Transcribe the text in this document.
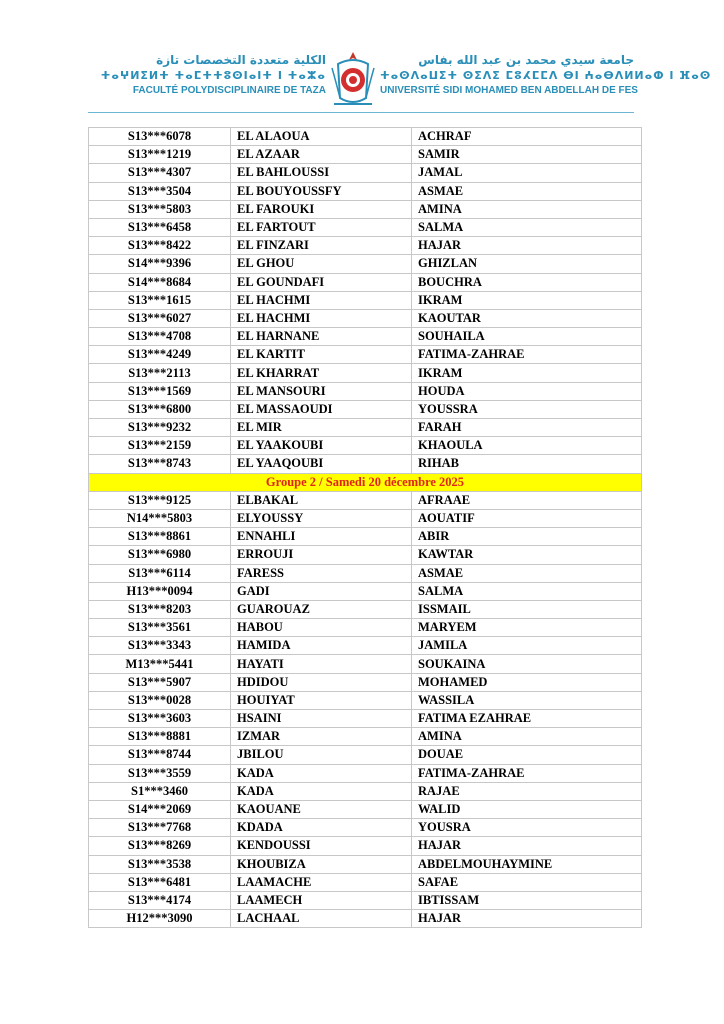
الكلية متعددة التخصصات تازة
ⵜⴰⵖⵍⵉⵍⵜ ⵜⴰⵎⵜⵜⵓⵙⵏⴰⵏⵜ ⵏ ⵜⴰⵣⴰ
FACULTÉ POLYDISCIPLINAIRE DE TAZA
جامعة سيدي محمد بن عبد الله بفاس
ⵜⴰⵙⴷⴰⵡⵉⵜ ⵙⵉⴷⵉ ⵎⵓⵃⵎⵎⴷ ⴱⵏ ⵄⴰⴱⴷⵍⵍⴰⵀ ⵏ ⴼⴰⵙ
UNIVERSITÉ SIDI MOHAMED BEN ABDELLAH DE FES
S13***6078	EL ALAOUA	ACHRAF
S13***1219	EL AZAAR	SAMIR
S13***4307	EL BAHLOUSSI	JAMAL
S13***3504	EL BOUYOUSSFY	ASMAE
S13***5803	EL FAROUKI	AMINA
S13***6458	EL FARTOUT	SALMA
S13***8422	EL FINZARI	HAJAR
S14***9396	EL GHOU	GHIZLAN
S14***8684	EL GOUNDAFI	BOUCHRA
S13***1615	EL HACHMI	IKRAM
S13***6027	EL HACHMI	KAOUTAR
S13***4708	EL HARNANE	SOUHAILA
S13***4249	EL KARTIT	FATIMA-ZAHRAE
S13***2113	EL KHARRAT	IKRAM
S13***1569	EL MANSOURI	HOUDA
S13***6800	EL MASSAOUDI	YOUSSRA
S13***9232	EL MIR	FARAH
S13***2159	EL YAAKOUBI	KHAOULA
S13***8743	EL YAAQOUBI	RIHAB
Groupe 2 / Samedi 20 décembre 2025		
S13***9125	ELBAKAL	AFRAAE
N14***5803	ELYOUSSY	AOUATIF
S13***8861	ENNAHLI	ABIR
S13***6980	ERROUJI	KAWTAR
S13***6114	FARESS	ASMAE
H13***0094	GADI	SALMA
S13***8203	GUAROUAZ	ISSMAIL
S13***3561	HABOU	MARYEM
S13***3343	HAMIDA	JAMILA
M13***5441	HAYATI	SOUKAINA
S13***5907	HDIDOU	MOHAMED
S13***0028	HOUIYAT	WASSILA
S13***3603	HSAINI	FATIMA EZAHRAE
S13***8881	IZMAR	AMINA
S13***8744	JBILOU	DOUAE
S13***3559	KADA	FATIMA-ZAHRAE
S1***3460	KADA	RAJAE
S14***2069	KAOUANE	WALID
S13***7768	KDADA	YOUSRA
S13***8269	KENDOUSSI	HAJAR
S13***3538	KHOUBIZA	ABDELMOUHAYMINE
S13***6481	LAAMACHE	SAFAE
S13***4174	LAAMECH	IBTISSAM
H12***3090	LACHAAL	HAJAR
